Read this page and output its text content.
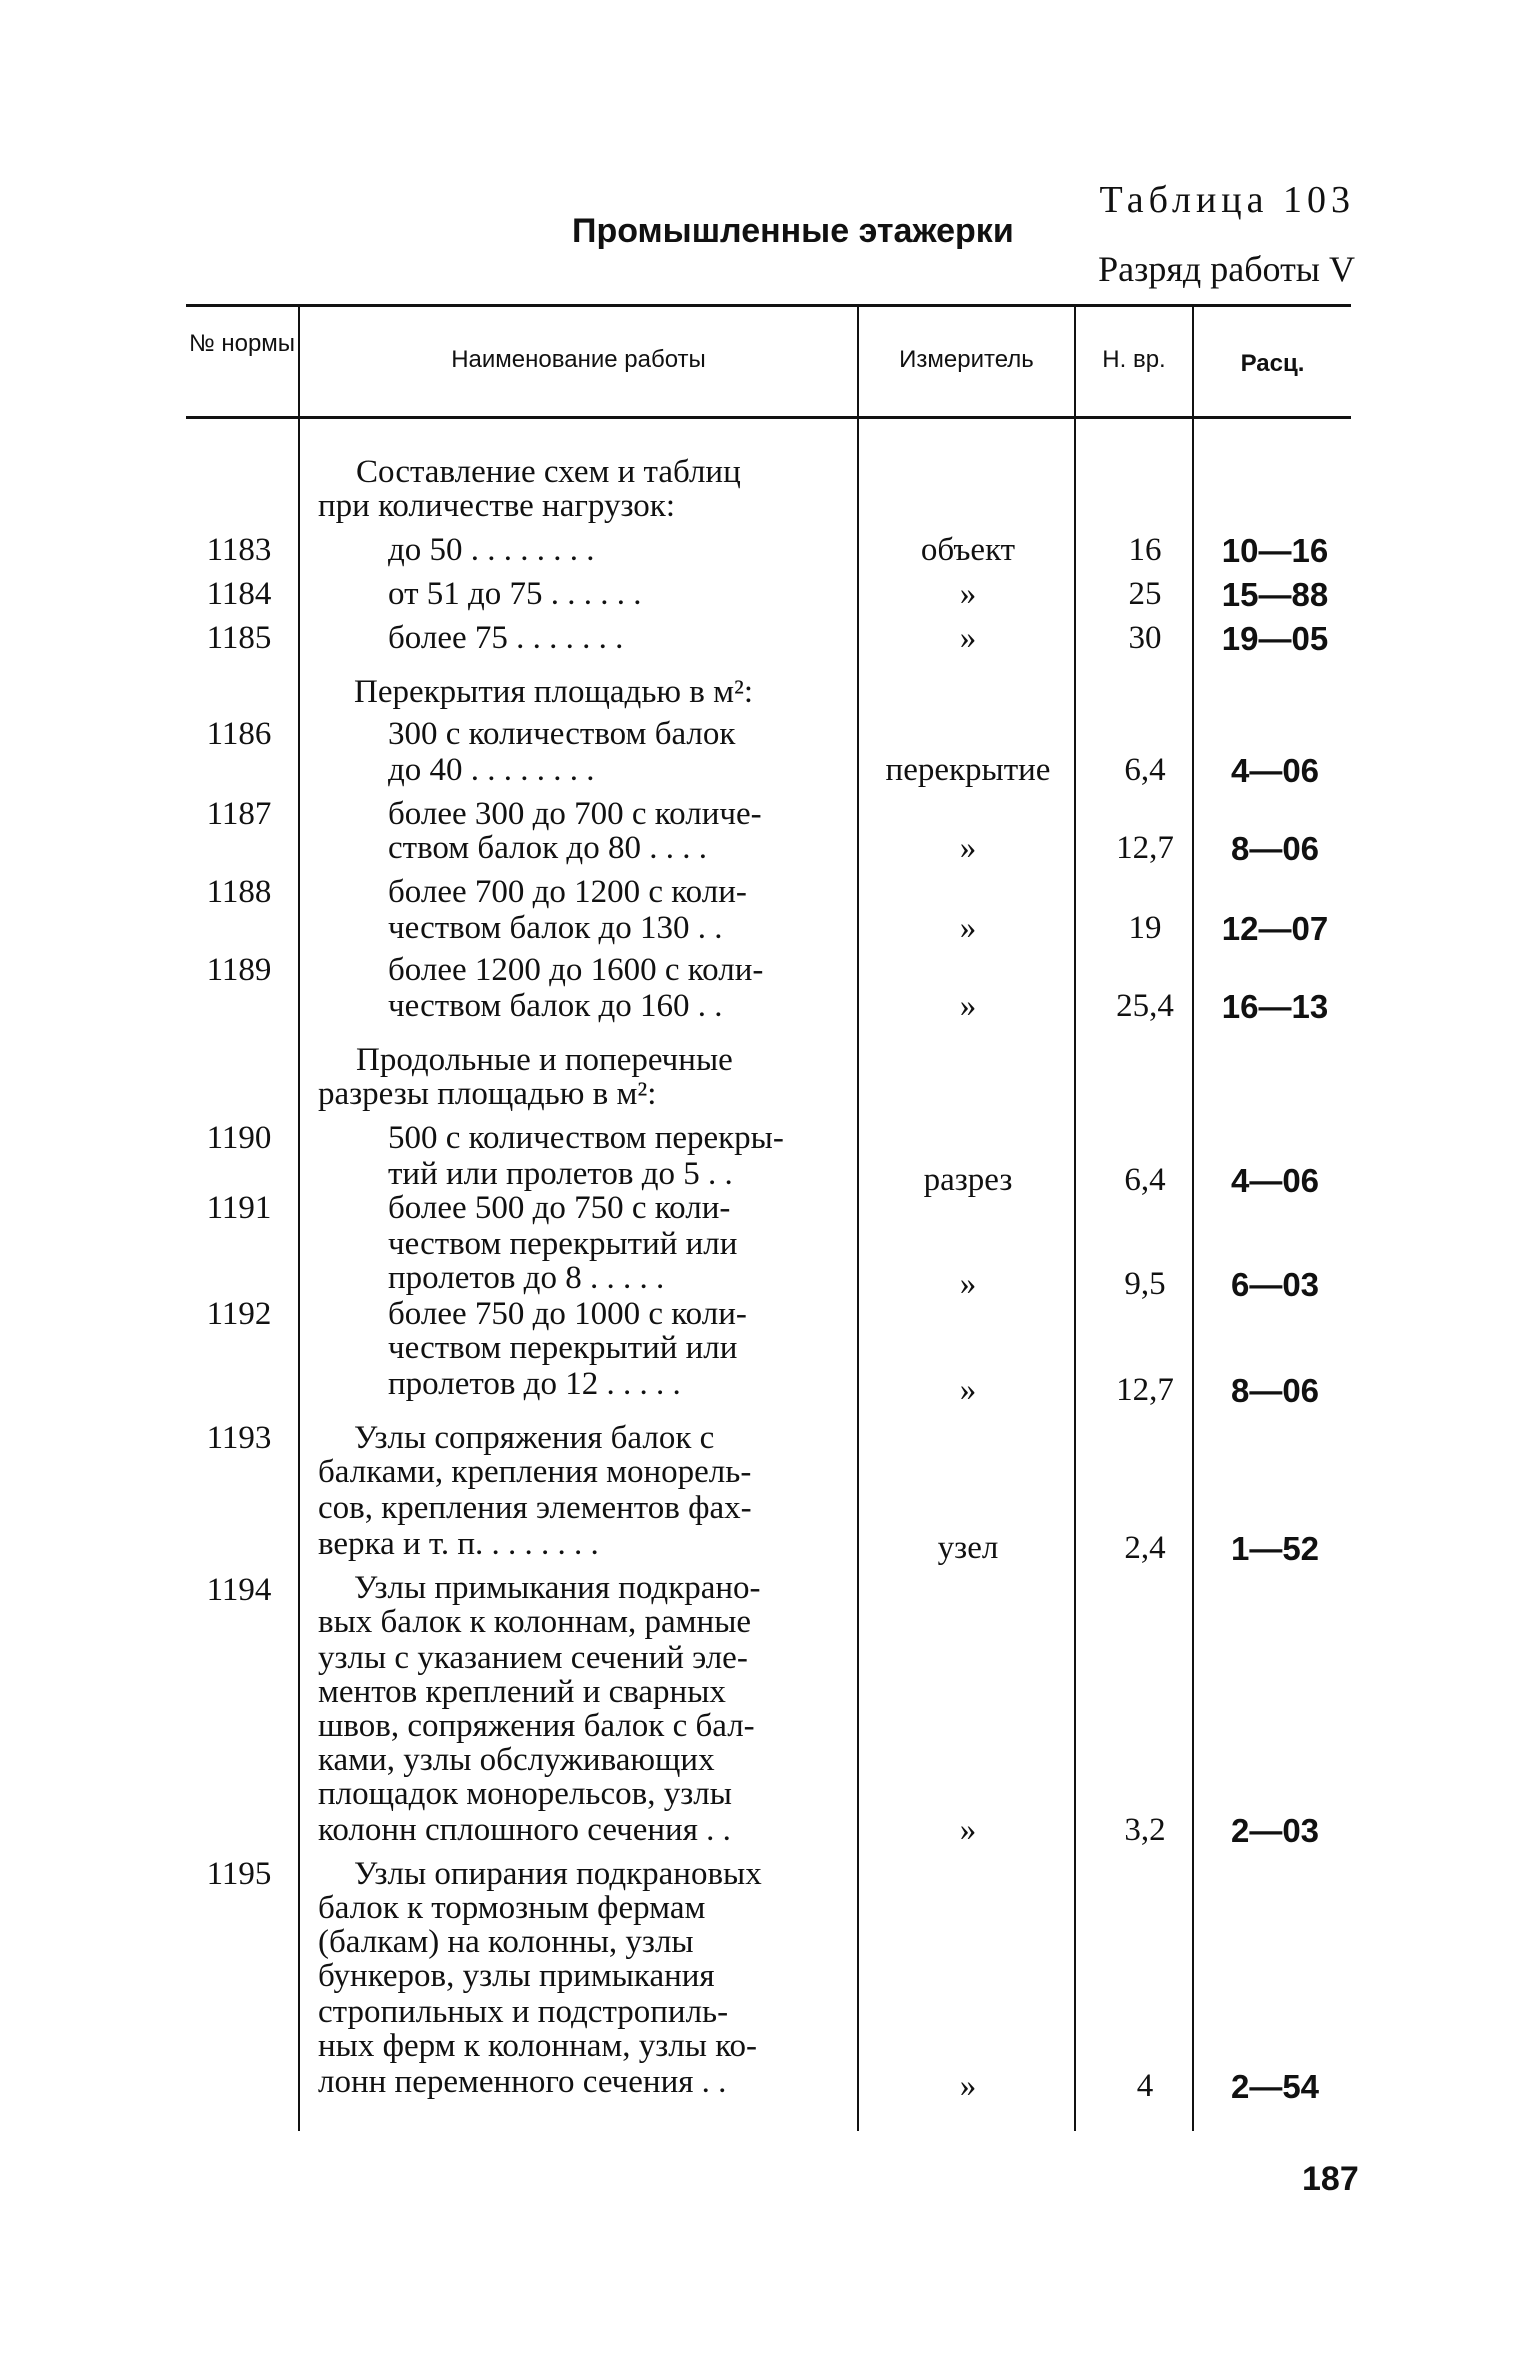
Таблица 103
Промышленные этажерки
Разряд работы V
№ нормы
Наименование работы	Измеритель	Н. вр.	Расц.
Составление схем и таблиц
при количестве нагрузок:
1183	до 50 . . . . . . . .	объект	16	10—16
1184	от 51 до 75 . . . . . .	»	25	15—88
1185	более 75 . . . . . . .	»	30	19—05
Перекрытия площадью в м²:
1186	300 с количеством балок
до 40 . . . . . . . .	перекрытие	6,4	4—06
1187	более 300 до 700 с количе-
ством балок до 80 . . . .	»	12,7	8—06
1188	более 700 до 1200 с коли-
чеством балок до 130 . .	»	19	12—07
1189	более 1200 до 1600 с коли-
чеством балок до 160 . .	»	25,4	16—13
Продольные и поперечные
разрезы площадью в м²:
1190	500 с количеством перекры-
тий или пролетов до 5 . .	разрез	6,4	4—06
1191	более 500 до 750 с коли-
чеством перекрытий или
пролетов до 8 . . . . .	»	9,5	6—03
1192	более 750 до 1000 с коли-
чеством перекрытий или
пролетов до 12 . . . . .	»	12,7	8—06
1193	Узлы сопряжения балок с
балками, крепления монорель-
сов, крепления элементов фах-
верка и т. п. . . . . . . .	узел	2,4	1—52
1194	Узлы примыкания подкрано-
вых балок к колоннам, рамные
узлы с указанием сечений эле-
ментов креплений и сварных
швов, сопряжения балок с бал-
ками, узлы обслуживающих
площадок монорельсов, узлы
колонн сплошного сечения . .	»	3,2	2—03
1195	Узлы опирания подкрановых
балок к тормозным фермам
(балкам) на колонны, узлы
бункеров, узлы примыкания
стропильных и подстропиль-
ных ферм к колоннам, узлы ко-
лонн переменного сечения . .	»	4	2—54
187
